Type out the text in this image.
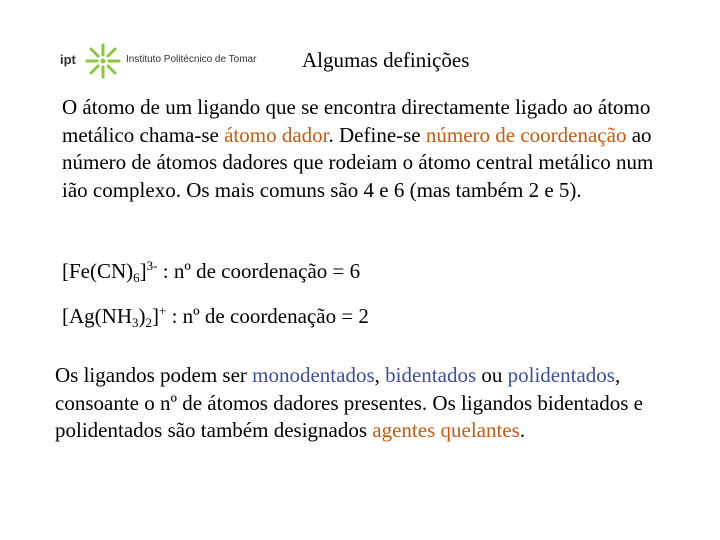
ipt	Instituto Politécnico de Tomar Algumas definições
O átomo de um ligando que se encontra directamente ligado ao átomo metálico chama-se átomo dador. Define-se número de coordenação ao número de átomos dadores que rodeiam o átomo central metálico num ião complexo. Os mais comuns são 4 e 6 (mas também 2 e 5).
$[Fe(CN)_6]^{3-}$ : nº de coordenação = 6
$[Ag(NH_3)_2]^+$ : nº de coordenação = 2
Os ligandos podem ser monodentados, bidentados ou polidentados, consoante o nº de átomos dadores presentes. Os ligandos bidentados e polidentados são também designados agentes quelantes.
